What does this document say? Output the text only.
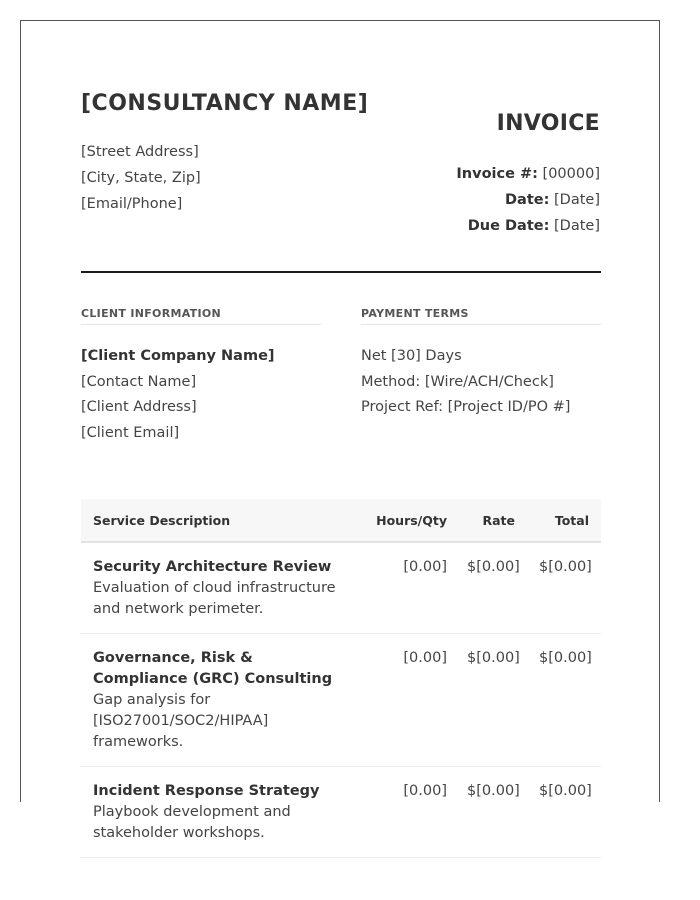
[CONSULTANCY NAME]
[Street Address]
[City, State, Zip]
[Email/Phone]
INVOICE
Invoice #: [00000]
Date: [Date]
Due Date: [Date]
CLIENT INFORMATION
[Client Company Name]
[Contact Name]
[Client Address]
[Client Email]
PAYMENT TERMS
Net [30] Days
Method: [Wire/ACH/Check]
Project Ref: [Project ID/PO #]
Service Description	Hours/Qty	Rate	Total

Security Architecture Review
Evaluation of cloud infrastructure and network perimeter.	[0.00]	$[0.00]	$[0.00]

Governance, Risk & Compliance (GRC) Consulting
Gap analysis for [ISO27001/SOC2/HIPAA] frameworks.	[0.00]	$[0.00]	$[0.00]

Incident Response Strategy
Playbook development and stakeholder workshops.	[0.00]	$[0.00]	$[0.00]
